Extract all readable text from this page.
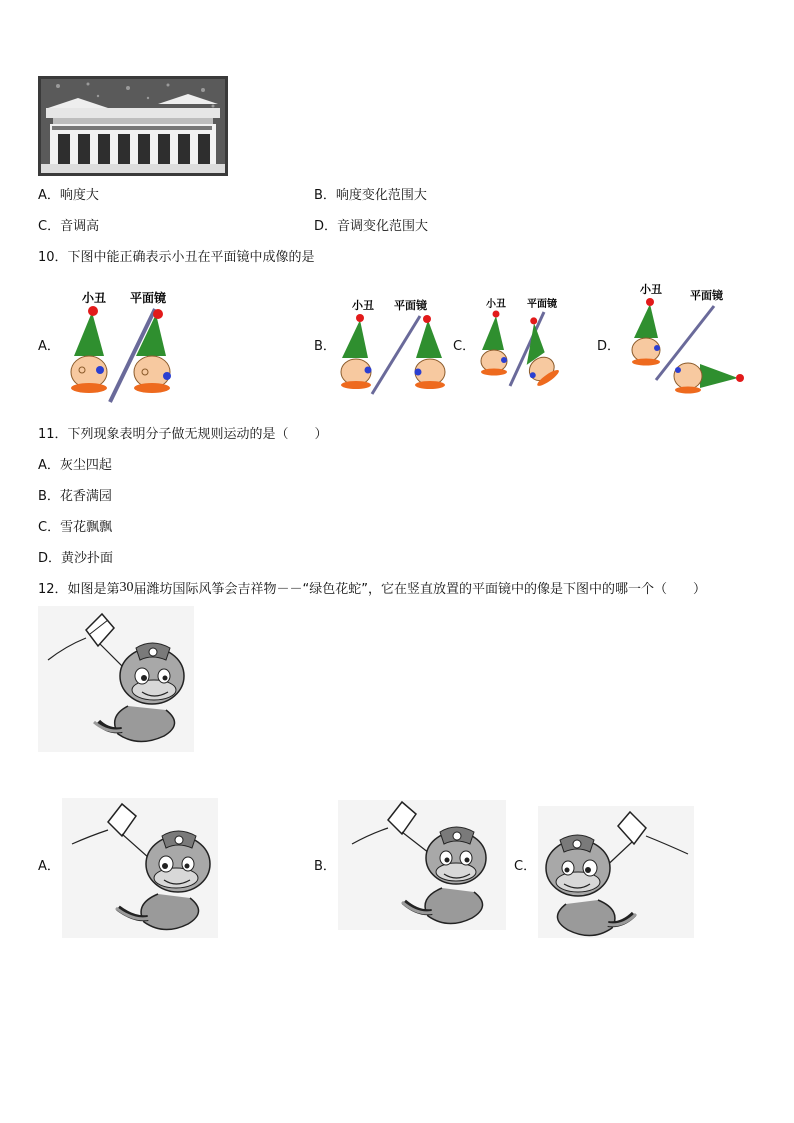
A．响度大	B．响度变化范围大
C．音调高	D．音调变化范围大
10．下图中能正确表示小丑在平面镜中成像的是
A．	B．	C．	D．
小丑 平面镜
小丑 平面镜	小丑 平面镜
小丑	平面镜
11．下列现象表明分子做无规则运动的是（　　）
A．灰尘四起
B．花香满园
C．雪花飘飘
D．黄沙扑面
12．如图是第30届潍坊国际风筝会吉祥物－－“绿色花蛇”，它在竖直放置的平面镜中的像是下图中的哪一个（　　）
A．	B．	C．
